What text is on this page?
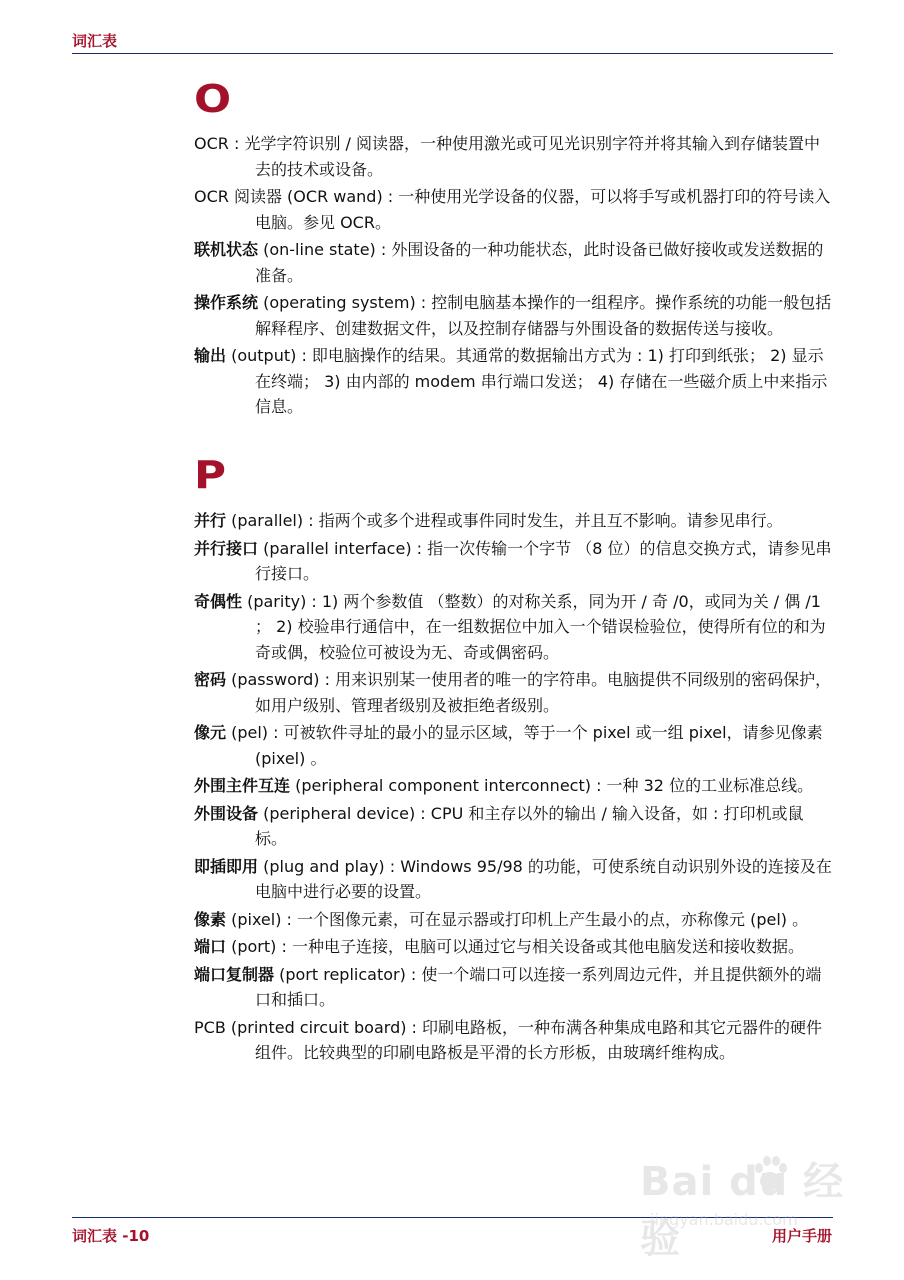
词汇表
O

OCR : 光学字符识别 / 阅读器，一种使用激光或可见光识别字符并将其输入到存储装置中去的技术或设备。

OCR 阅读器 (OCR wand) : 一种使用光学设备的仪器，可以将手写或机器打印的符号读入电脑。参见 OCR。

联机状态 (on-line state) : 外围设备的一种功能状态，此时设备已做好接收或发送数据的准备。

操作系统 (operating system) : 控制电脑基本操作的一组程序。操作系统的功能一般包括解释程序、创建数据文件，以及控制存储器与外围设备的数据传送与接收。

输出 (output) : 即电脑操作的结果。其通常的数据输出方式为 : 1) 打印到纸张； 2) 显示在终端； 3) 由内部的 modem 串行端口发送； 4) 存储在一些磁介质上中来指示信息。

P

并行 (parallel) : 指两个或多个进程或事件同时发生，并且互不影响。请参见串行。

并行接口 (parallel interface) : 指一次传输一个字节 （8 位）的信息交换方式，请参见串行接口。

奇偶性 (parity) : 1) 两个参数值 （整数）的对称关系，同为开 / 奇 /0，或同为关 / 偶 /1 ； 2) 校验串行通信中，在一组数据位中加入一个错误检验位，使得所有位的和为奇或偶，校验位可被设为无、奇或偶密码。

密码 (password) : 用来识别某一使用者的唯一的字符串。电脑提供不同级别的密码保护，如用户级别、管理者级别及被拒绝者级别。

像元 (pel) : 可被软件寻址的最小的显示区域，等于一个 pixel 或一组 pixel，请参见像素 (pixel) 。

外围主件互连 (peripheral component interconnect) : 一种 32 位的工业标准总线。

外围设备 (peripheral device) : CPU 和主存以外的输出 / 输入设备，如 : 打印机或鼠标。

即插即用 (plug and play) : Windows 95/98 的功能，可使系统自动识别外设的连接及在电脑中进行必要的设置。

像素 (pixel) : 一个图像元素，可在显示器或打印机上产生最小的点，亦称像元 (pel) 。

端口 (port) : 一种电子连接，电脑可以通过它与相关设备或其他电脑发送和接收数据。

端口复制器 (port replicator) : 使一个端口可以连接一系列周边元件，并且提供额外的端口和插口。

PCB (printed circuit board) : 印刷电路板，一种布满各种集成电路和其它元器件的硬件组件。比较典型的印刷电路板是平滑的长方形板，由玻璃纤维构成。

词汇表 -10	用户手册
Bai du 经验
jingyan.baidu.com
